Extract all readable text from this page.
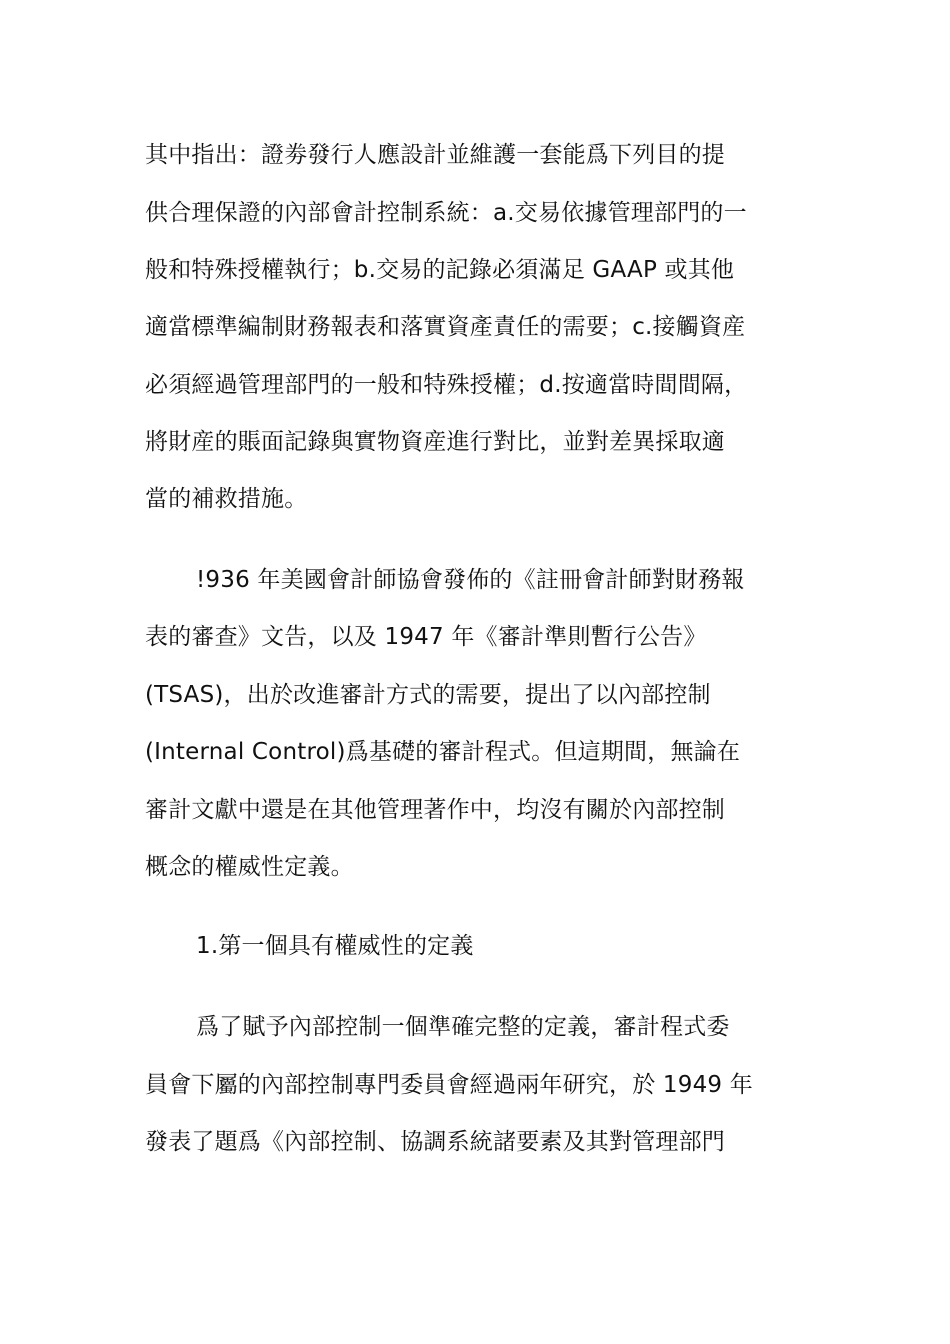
其中指出：證劵發行人應設計並維護一套能爲下列目的提
供合理保證的內部會計控制系統：a.交易依據管理部門的一
般和特殊授權執行；b.交易的記錄必須滿足 GAAP 或其他
適當標準編制財務報表和落實資產責任的需要；c.接觸資産
必須經過管理部門的一般和特殊授權；d.按適當時間間隔，
將財産的賬面記錄與實物資産進行對比，並對差異採取適
當的補救措施。
!936 年美國會計師協會發佈的《註冊會計師對財務報
表的審查》文告，以及 1947 年《審計準則暫行公告》
(TSAS)，出於改進審計方式的需要，提出了以內部控制
(Internal Control)爲基礎的審計程式。但這期間，無論在
審計文獻中還是在其他管理著作中，均沒有關於內部控制
概念的權威性定義。
1.第一個具有權威性的定義
爲了賦予內部控制一個準確完整的定義，審計程式委
員會下屬的內部控制專門委員會經過兩年研究，於 1949 年
發表了題爲《內部控制、協調系統諸要素及其對管理部門
